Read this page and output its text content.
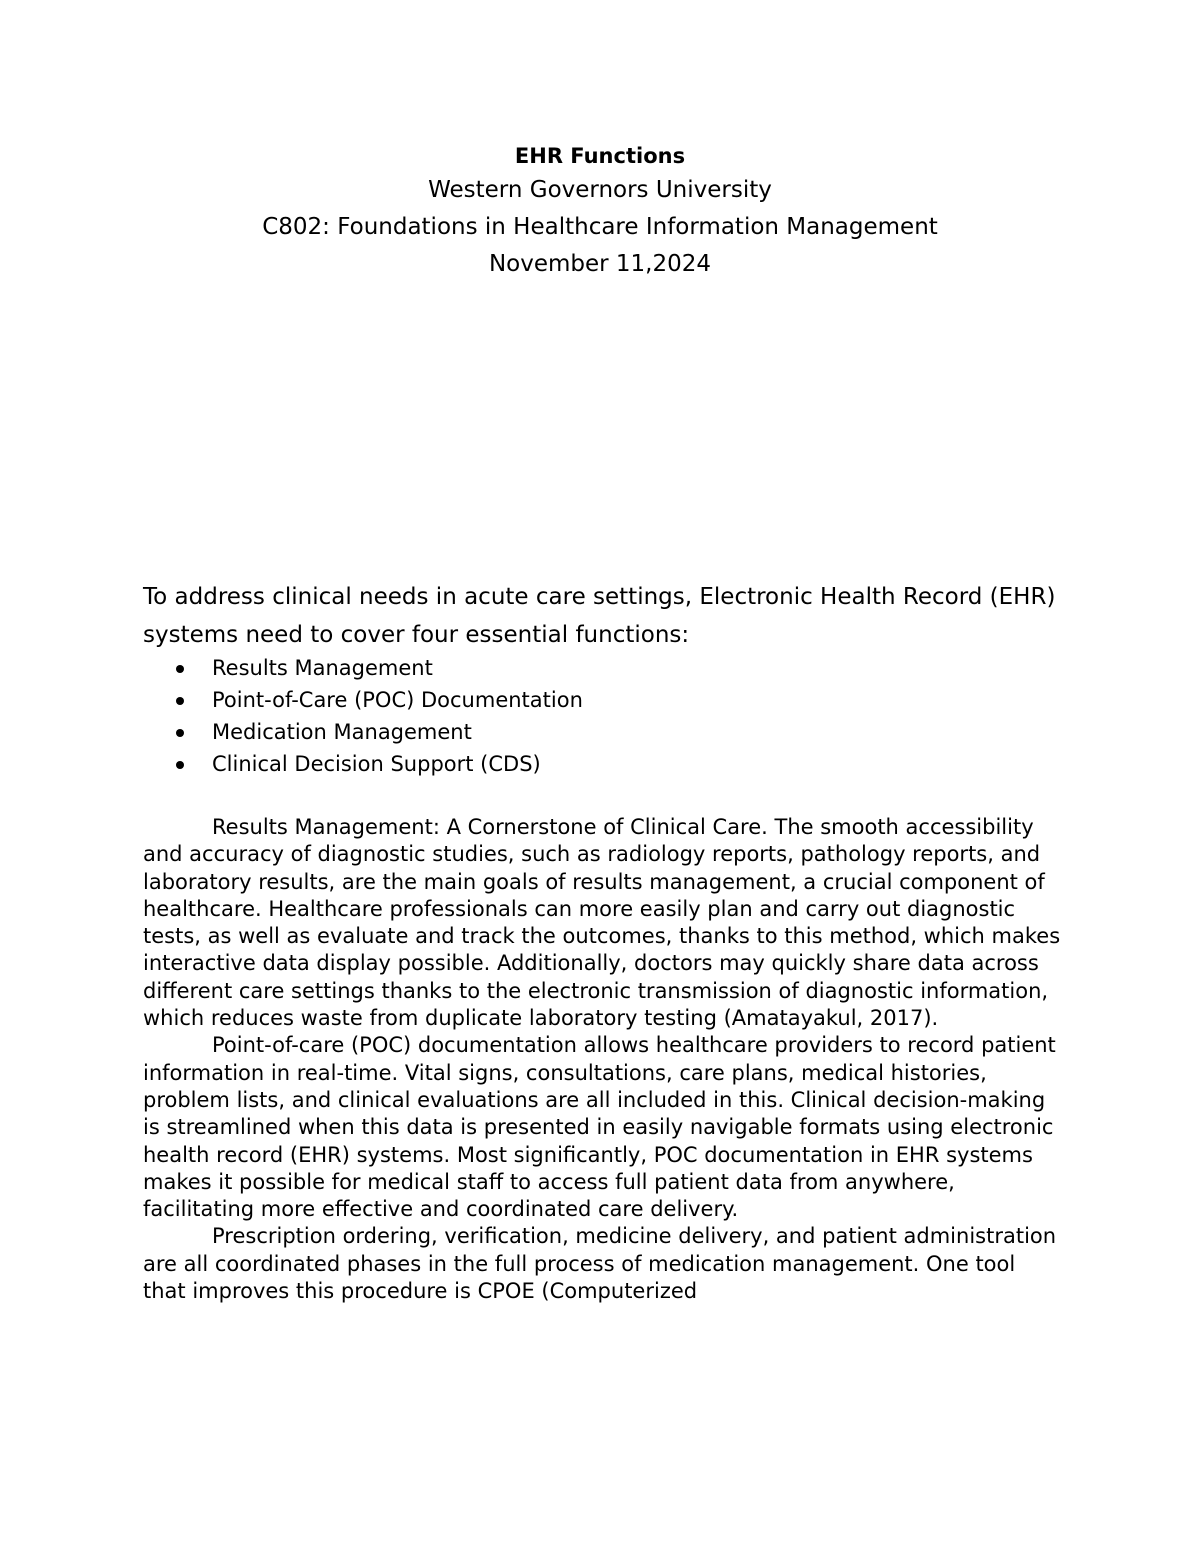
EHR Functions

Western Governors University

C802: Foundations in Healthcare Information Management

November 11,2024

To address clinical needs in acute care settings, Electronic Health Record (EHR) systems need to cover four essential functions:

Results Management
Point-of-Care (POC) Documentation
Medication Management
Clinical Decision Support (CDS)

Results Management: A Cornerstone of Clinical Care. The smooth accessibility and accuracy of diagnostic studies, such as radiology reports, pathology reports, and laboratory results, are the main goals of results management, a crucial component of healthcare. Healthcare professionals can more easily plan and carry out diagnostic tests, as well as evaluate and track the outcomes, thanks to this method, which makes interactive data display possible. Additionally, doctors may quickly share data across different care settings thanks to the electronic transmission of diagnostic information, which reduces waste from duplicate laboratory testing (Amatayakul, 2017).

Point-of-care (POC) documentation allows healthcare providers to record patient information in real-time. Vital signs, consultations, care plans, medical histories, problem lists, and clinical evaluations are all included in this. Clinical decision-making is streamlined when this data is presented in easily navigable formats using electronic health record (EHR) systems. Most significantly, POC documentation in EHR systems makes it possible for medical staff to access full patient data from anywhere, facilitating more effective and coordinated care delivery.

Prescription ordering, verification, medicine delivery, and patient administration are all coordinated phases in the full process of medication management. One tool that improves this procedure is CPOE (Computerized
